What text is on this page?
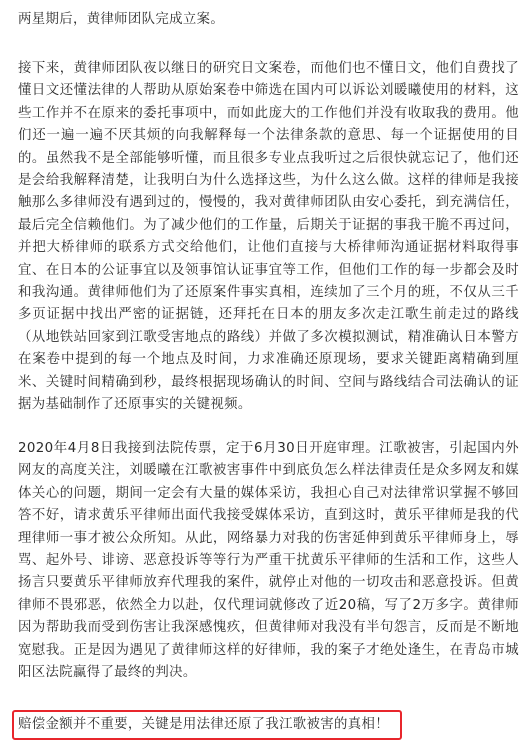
两星期后，黄律师团队完成立案。

接下来，黄律师团队夜以继日的研究日文案卷，而他们也不懂日文，他们自费找了懂日文还懂法律的人帮助从原始案卷中筛选在国内可以诉讼刘暖曦使用的材料，这些工作并不在原来的委托事项中，而如此庞大的工作他们并没有收取我的费用。他们还一遍一遍不厌其烦的向我解释每一个法律条款的意思、每一个证据使用的目的。虽然我不是全部能够听懂，而且很多专业点我听过之后很快就忘记了，他们还是会给我解释清楚，让我明白为什么选择这些，为什么这么做。这样的律师是我接触那么多律师没有遇到过的，慢慢的，我对黄律师团队由安心委托，到充满信任，最后完全信赖他们。为了减少他们的工作量，后期关于证据的事我干脆不再过问，并把大桥律师的联系方式交给他们，让他们直接与大桥律师沟通证据材料取得事宜、在日本的公证事宜以及领事馆认证事宜等工作，但他们工作的每一步都会及时和我沟通。黄律师他们为了还原案件事实真相，连续加了三个月的班，不仅从三千多页证据中找出严密的证据链，还拜托在日本的朋友多次走江歌生前走过的路线（从地铁站回家到江歌受害地点的路线）并做了多次模拟测试，精准确认日本警方在案卷中提到的每一个地点及时间，力求准确还原现场，要求关键距离精确到厘米、关键时间精确到秒，最终根据现场确认的时间、空间与路线结合司法确认的证据为基础制作了还原事实的关键视频。

2020年4月8日我接到法院传票，定于6月30日开庭审理。江歌被害，引起国内外网友的高度关注，刘暖曦在江歌被害事件中到底负怎么样法律责任是众多网友和媒体关心的问题，期间一定会有大量的媒体采访，我担心自己对法律常识掌握不够回答不好，请求黄乐平律师出面代我接受媒体采访，直到这时，黄乐平律师是我的代理律师一事才被公众所知。从此，网络暴力对我的伤害延伸到黄乐平律师身上，辱骂、起外号、诽谤、恶意投诉等等行为严重干扰黄乐平律师的生活和工作，这些人扬言只要黄乐平律师放弃代理我的案件，就停止对他的一切攻击和恶意投诉。但黄律师不畏邪恶，依然全力以赴，仅代理词就修改了近20稿，写了2万多字。黄律师因为帮助我而受到伤害让我深感愧疚，但黄律师对我没有半句怨言，反而是不断地宽慰我。正是因为遇见了黄律师这样的好律师，我的案子才绝处逢生，在青岛市城阳区法院赢得了最终的判决。

赔偿金额并不重要，关键是用法律还原了我江歌被害的真相！
